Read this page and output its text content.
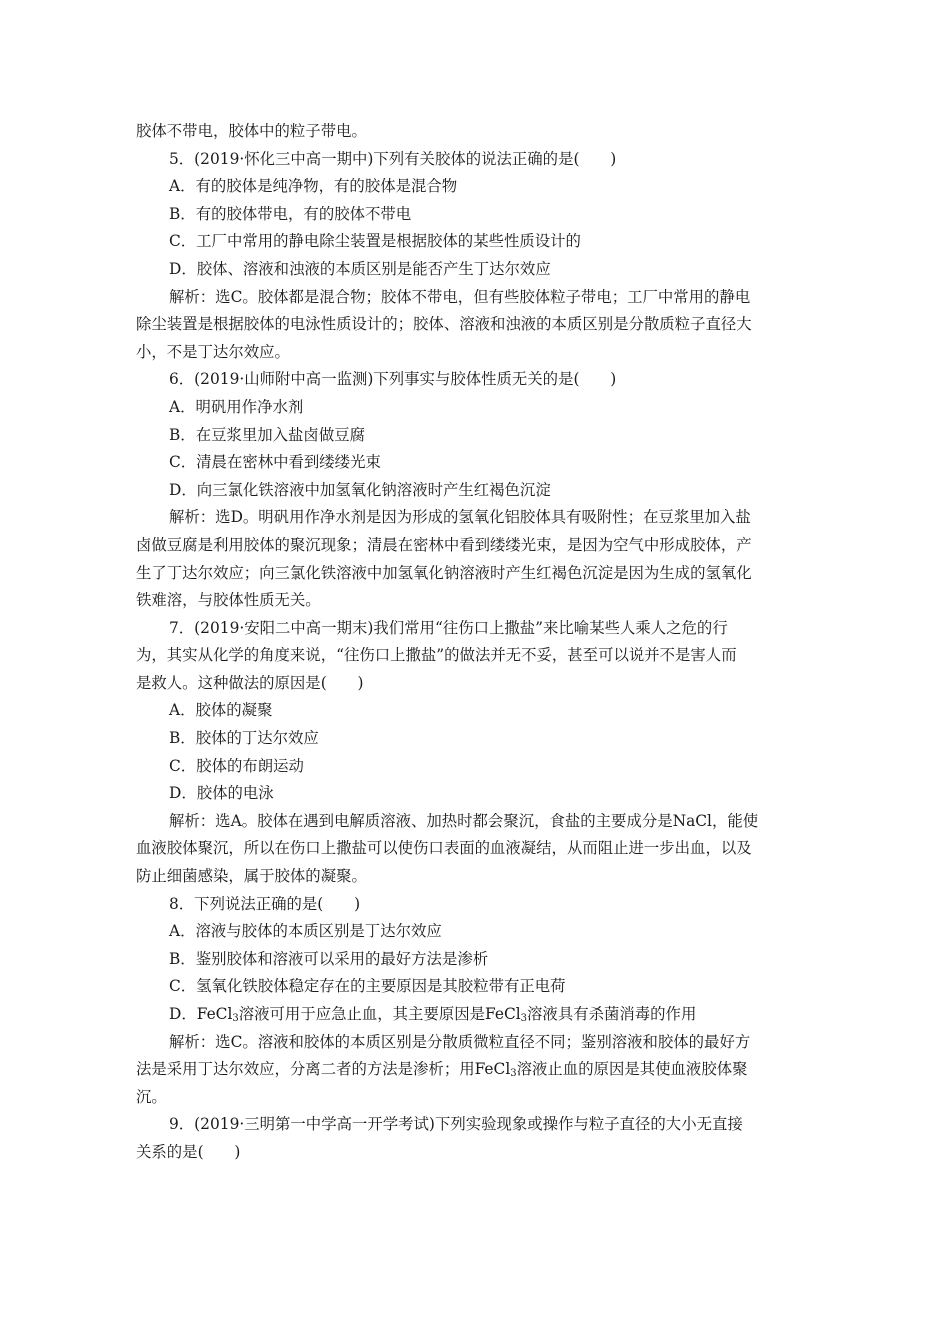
胶体不带电，胶体中的粒子带电。
5．(2019·怀化三中高一期中)下列有关胶体的说法正确的是(　　)
A．有的胶体是纯净物，有的胶体是混合物
B．有的胶体带电，有的胶体不带电
C．工厂中常用的静电除尘装置是根据胶体的某些性质设计的
D．胶体、溶液和浊液的本质区别是能否产生丁达尔效应
解析：选C。胶体都是混合物；胶体不带电，但有些胶体粒子带电；工厂中常用的静电
除尘装置是根据胶体的电泳性质设计的；胶体、溶液和浊液的本质区别是分散质粒子直径大
小，不是丁达尔效应。
6．(2019·山师附中高一监测)下列事实与胶体性质无关的是(　　)
A．明矾用作净水剂
B．在豆浆里加入盐卤做豆腐
C．清晨在密林中看到缕缕光束
D．向三氯化铁溶液中加氢氧化钠溶液时产生红褐色沉淀
解析：选D。明矾用作净水剂是因为形成的氢氧化铝胶体具有吸附性；在豆浆里加入盐
卤做豆腐是利用胶体的聚沉现象；清晨在密林中看到缕缕光束，是因为空气中形成胶体，产
生了丁达尔效应；向三氯化铁溶液中加氢氧化钠溶液时产生红褐色沉淀是因为生成的氢氧化
铁难溶，与胶体性质无关。
7．(2019·安阳二中高一期末)我们常用“往伤口上撒盐”来比喻某些人乘人之危的行
为，其实从化学的角度来说，“往伤口上撒盐”的做法并无不妥，甚至可以说并不是害人而
是救人。这种做法的原因是(　　)
A．胶体的凝聚
B．胶体的丁达尔效应
C．胶体的布朗运动
D．胶体的电泳
解析：选A。胶体在遇到电解质溶液、加热时都会聚沉，食盐的主要成分是NaCl，能使
血液胶体聚沉，所以在伤口上撒盐可以使伤口表面的血液凝结，从而阻止进一步出血，以及
防止细菌感染，属于胶体的凝聚。
8．下列说法正确的是(　　)
A．溶液与胶体的本质区别是丁达尔效应
B．鉴别胶体和溶液可以采用的最好方法是渗析
C．氢氧化铁胶体稳定存在的主要原因是其胶粒带有正电荷
D．FeCl$_3$溶液可用于应急止血，其主要原因是FeCl$_3$溶液具有杀菌消毒的作用
解析：选C。溶液和胶体的本质区别是分散质微粒直径不同；鉴别溶液和胶体的最好方
法是采用丁达尔效应，分离二者的方法是渗析；用FeCl$_3$溶液止血的原因是其使血液胶体聚
沉。
9．(2019·三明第一中学高一开学考试)下列实验现象或操作与粒子直径的大小无直接
关系的是(　　)
